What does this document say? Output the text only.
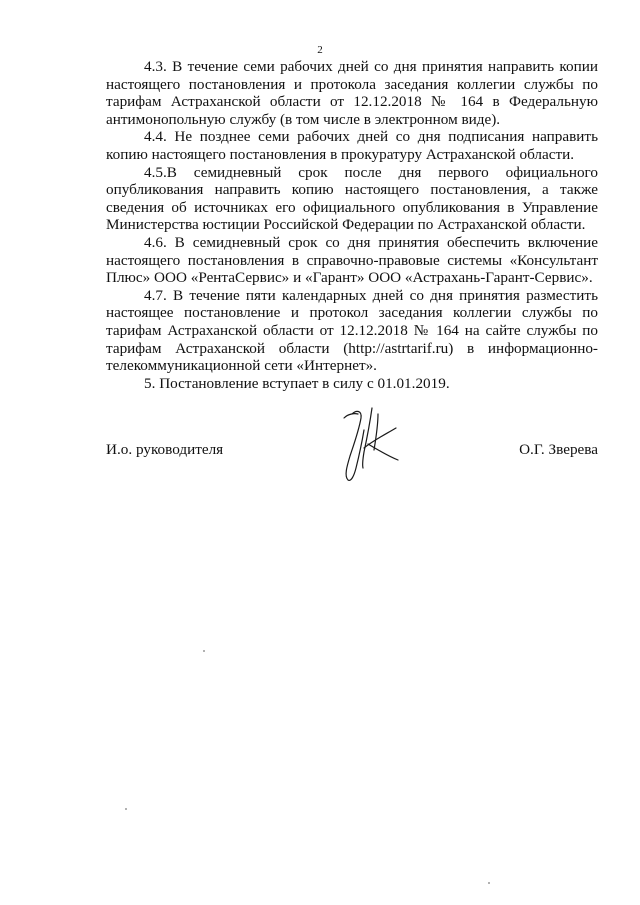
2

4.3. В течение семи рабочих дней со дня принятия направить копии настоящего постановления и протокола заседания коллегии службы по тарифам Астраханской области от 12.12.2018 № 164 в Федеральную антимонопольную службу (в том числе в электронном виде).

4.4. Не позднее семи рабочих дней со дня подписания направить копию настоящего постановления в прокуратуру Астраханской области.

4.5.В семидневный срок после дня первого официального опубликования направить копию настоящего постановления, а также сведения об источниках его официального опубликования в Управление Министерства юстиции Российской Федерации по Астраханской области.

4.6. В семидневный срок со дня принятия обеспечить включение настоящего постановления в справочно-правовые системы «Консультант Плюс» ООО «РентаСервис» и «Гарант» ООО «Астрахань-Гарант-Сервис».

4.7. В течение пяти календарных дней со дня принятия разместить настоящее постановление и протокол заседания коллегии службы по тарифам Астраханской области от 12.12.2018 № 164 на сайте службы по тарифам Астраханской области (http://astrtarif.ru) в информационно-телекоммуникационной сети «Интернет».

5. Постановление вступает в силу с 01.01.2019.

И.о. руководителя	О.Г. Зверева
